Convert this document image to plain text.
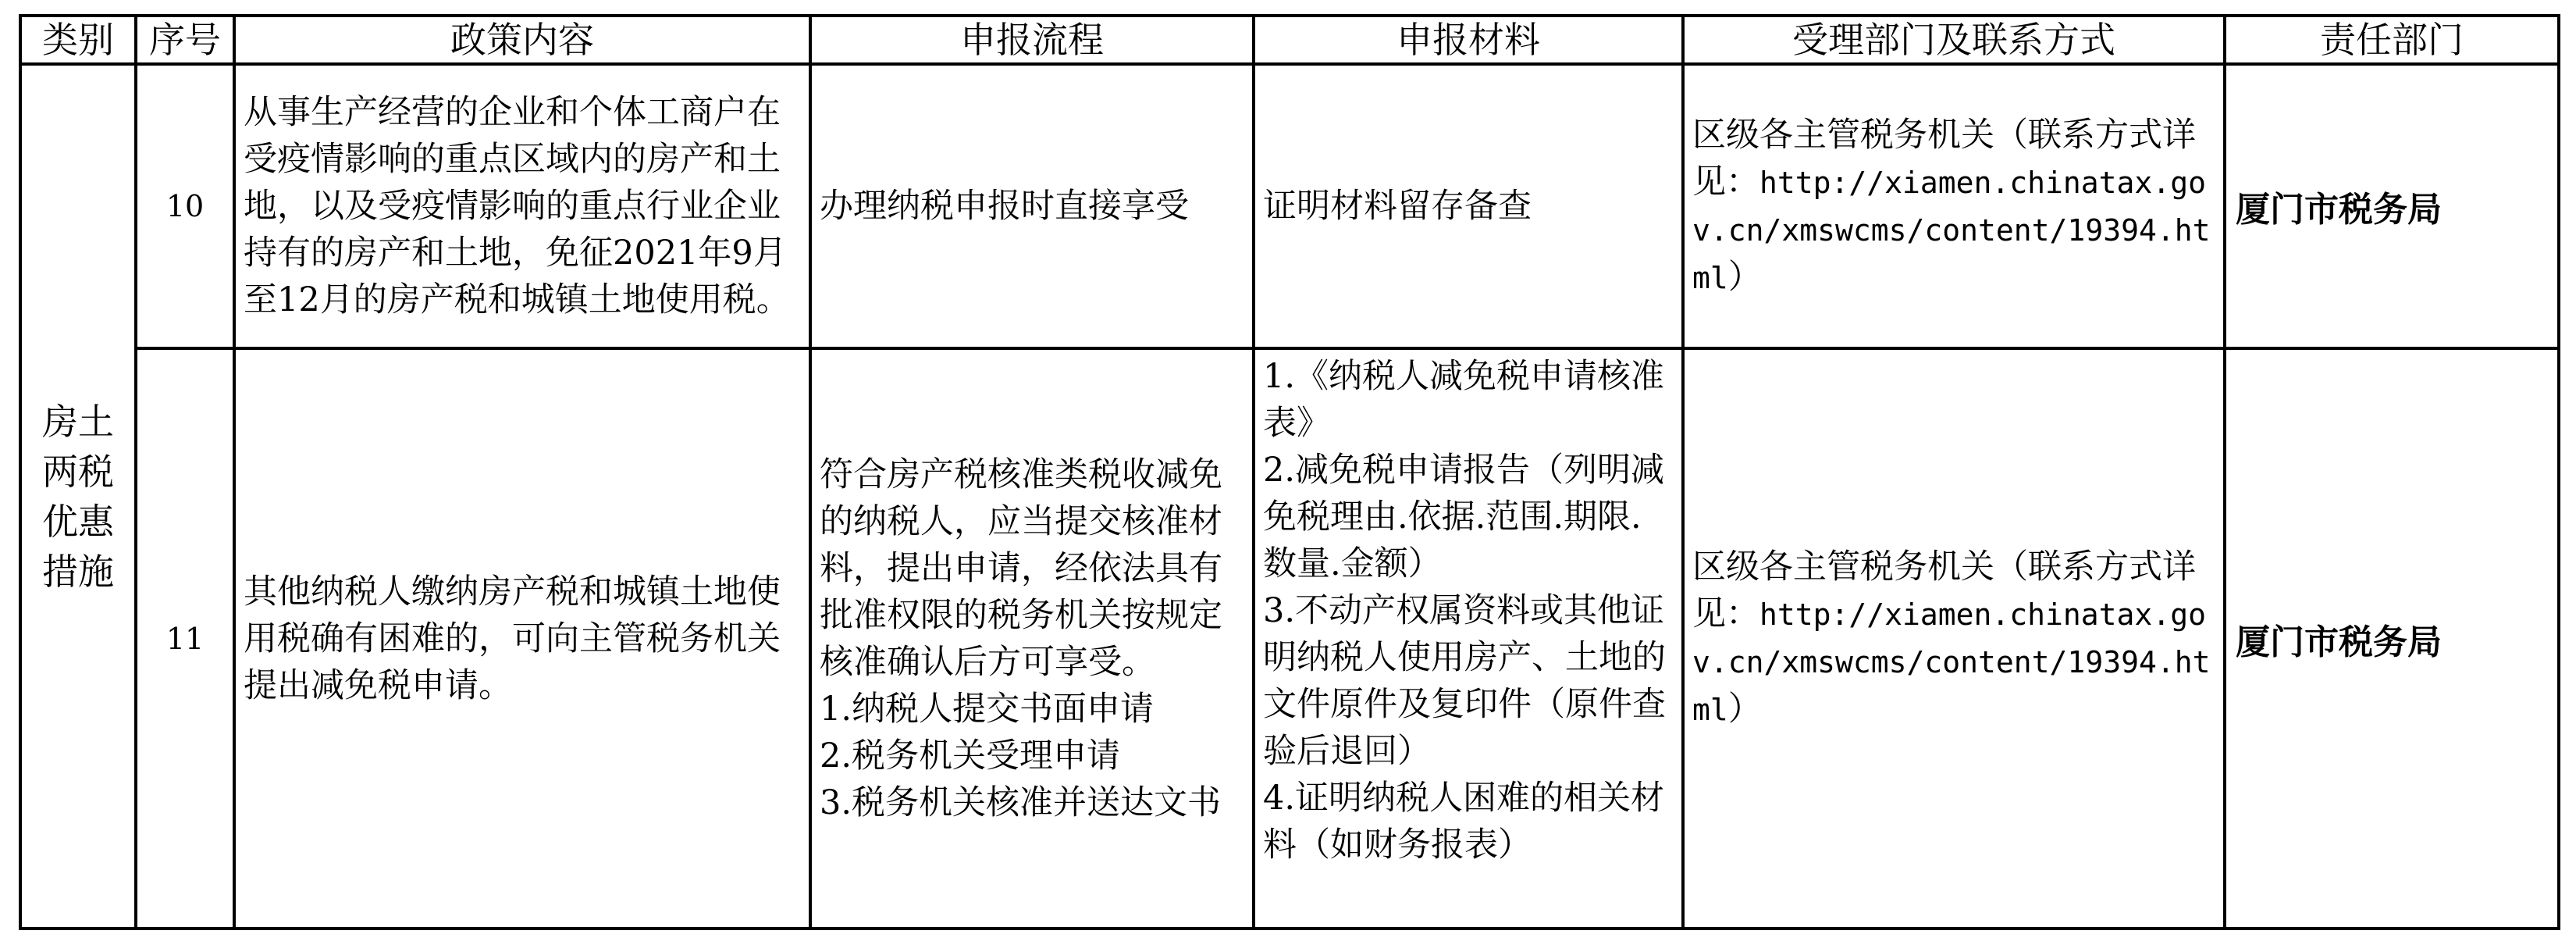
类别	序号	政策内容	申报流程	申报材料	受理部门及联系方式	责任部门

房土两税优惠措施	10	从事生产经营的企业和个体工商户在受疫情影响的重点区域内的房产和土地，以及受疫情影响的重点行业企业持有的房产和土地，免征2021年9月至12月的房产税和城镇土地使用税。	办理纳税申报时直接享受	证明材料留存备查	区级各主管税务机关（联系方式详见：http://xiamen.chinatax.gov.cn/xmswcms/content/19394.html）	厦门市税务局
	11	其他纳税人缴纳房产税和城镇土地使用税确有困难的，可向主管税务机关提出减免税申请。	符合房产税核准类税收减免的纳税人，应当提交核准材料，提出申请，经依法具有批准权限的税务机关按规定核准确认后方可享受。
1.纳税人提交书面申请
2.税务机关受理申请
3.税务机关核准并送达文书	1.《纳税人减免税申请核准表》
2.减免税申请报告（列明减免税理由.依据.范围.期限.数量.金额）
3.不动产权属资料或其他证明纳税人使用房产、土地的文件原件及复印件（原件查验后退回）
4.证明纳税人困难的相关材料（如财务报表）	区级各主管税务机关（联系方式详见：http://xiamen.chinatax.gov.cn/xmswcms/content/19394.html）	厦门市税务局
